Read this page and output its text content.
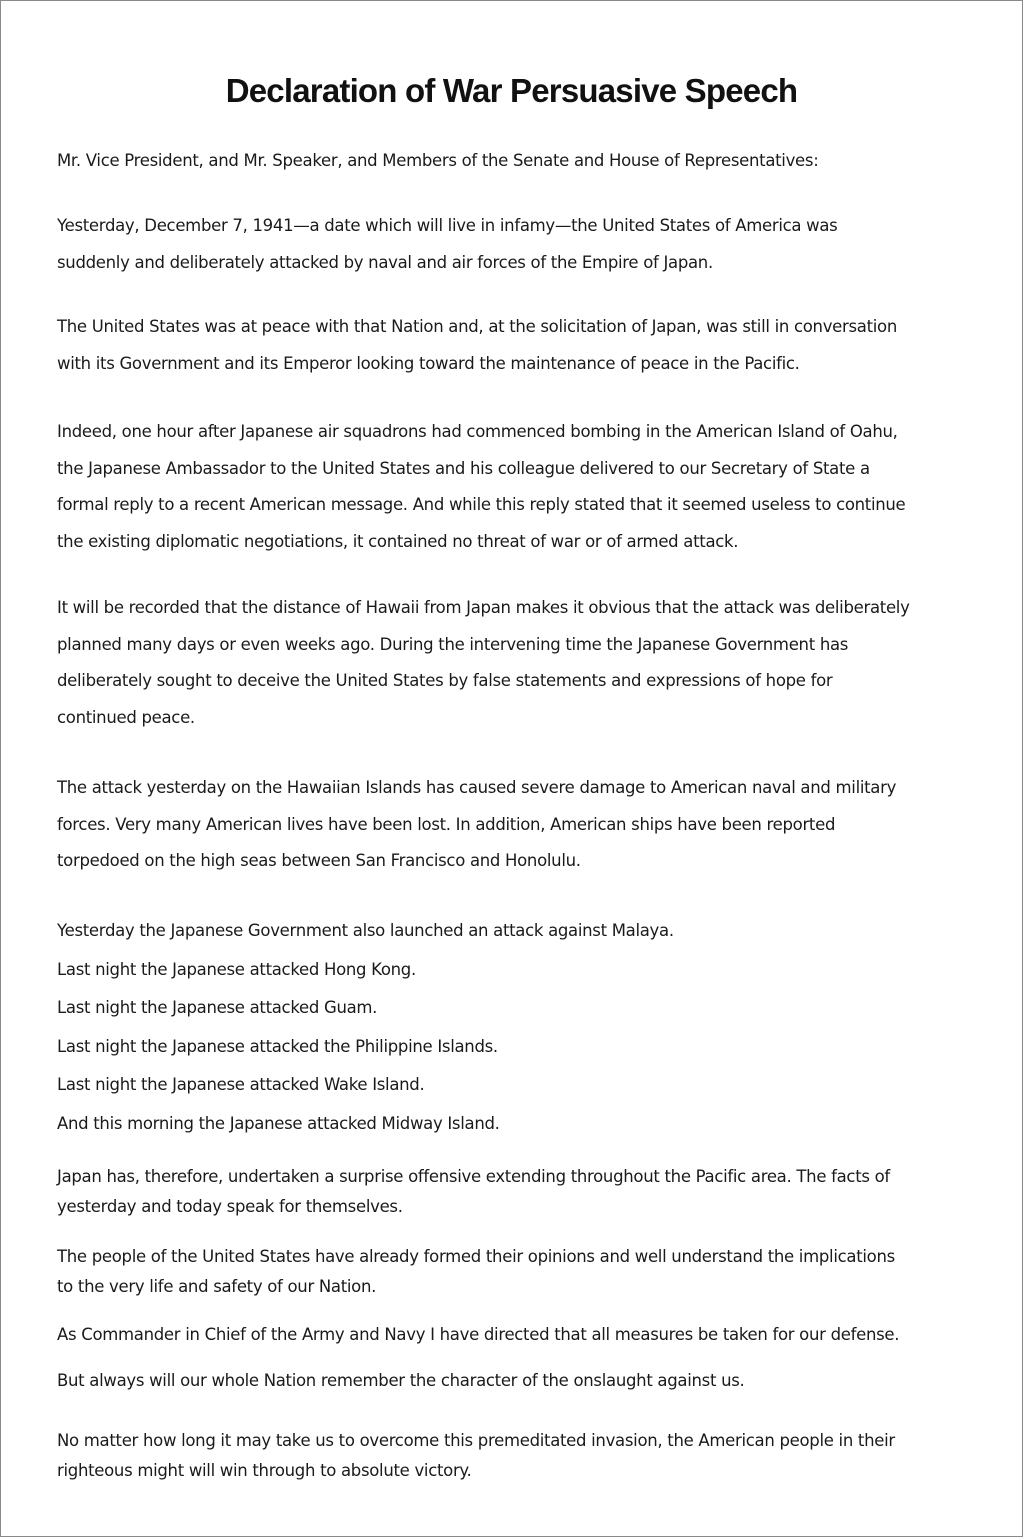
Declaration of War Persuasive Speech

Mr. Vice President, and Mr. Speaker, and Members of the Senate and House of Representatives:

Yesterday, December 7, 1941—a date which will live in infamy—the United States of America was
suddenly and deliberately attacked by naval and air forces of the Empire of Japan.

The United States was at peace with that Nation and, at the solicitation of Japan, was still in conversation
with its Government and its Emperor looking toward the maintenance of peace in the Pacific.

Indeed, one hour after Japanese air squadrons had commenced bombing in the American Island of Oahu,
the Japanese Ambassador to the United States and his colleague delivered to our Secretary of State a
formal reply to a recent American message. And while this reply stated that it seemed useless to continue
the existing diplomatic negotiations, it contained no threat of war or of armed attack.

It will be recorded that the distance of Hawaii from Japan makes it obvious that the attack was deliberately
planned many days or even weeks ago. During the intervening time the Japanese Government has
deliberately sought to deceive the United States by false statements and expressions of hope for
continued peace.

The attack yesterday on the Hawaiian Islands has caused severe damage to American naval and military
forces. Very many American lives have been lost. In addition, American ships have been reported
torpedoed on the high seas between San Francisco and Honolulu.

Yesterday the Japanese Government also launched an attack against Malaya.
Last night the Japanese attacked Hong Kong.
Last night the Japanese attacked Guam.
Last night the Japanese attacked the Philippine Islands.
Last night the Japanese attacked Wake Island.
And this morning the Japanese attacked Midway Island.

Japan has, therefore, undertaken a surprise offensive extending throughout the Pacific area. The facts of
yesterday and today speak for themselves.

The people of the United States have already formed their opinions and well understand the implications
to the very life and safety of our Nation.

As Commander in Chief of the Army and Navy I have directed that all measures be taken for our defense.

But always will our whole Nation remember the character of the onslaught against us.

No matter how long it may take us to overcome this premeditated invasion, the American people in their
righteous might will win through to absolute victory.
